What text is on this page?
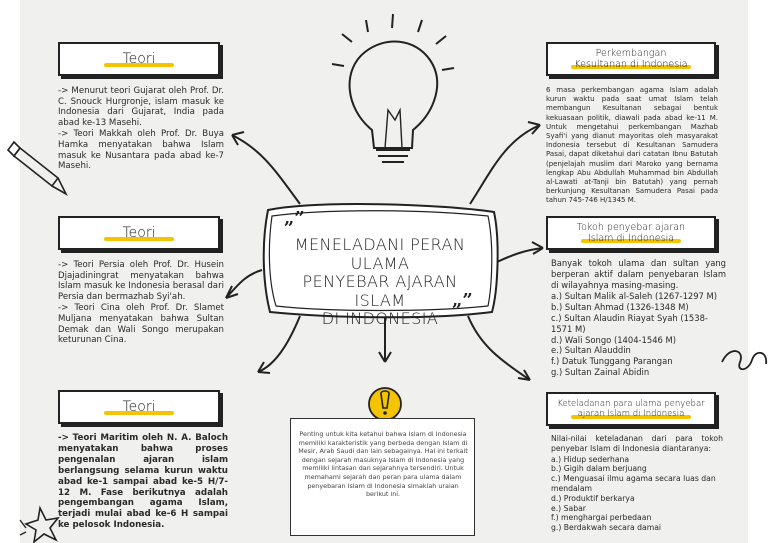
Teori

-> Menurut teori Gujarat oleh Prof. Dr. C. Snouck Hurgronje, islam masuk ke Indonesia dari Gujarat, India pada abad ke-13 Masehi.

-> Teori Makkah oleh Prof. Dr. Buya Hamka menyatakan bahwa Islam masuk ke Nusantara pada abad ke-7 Masehi.

Teori

-> Teori Persia oleh Prof. Dr. Husein Djajadiningrat menyatakan bahwa Islam masuk ke Indonesia berasal dari Persia dan bermazhab Syi'ah.

-> Teori Cina oleh Prof. Dr. Slamet Muljana menyatakan bahwa Sultan Demak dan Wali Songo merupakan keturunan Cina.

Teori

-> Teori Maritim oleh N. A. Baloch menyatakan bahwa proses pengenalan ajaran islam berlangsung selama kurun waktu abad ke-1 sampai abad ke-5 H/7-12 M. Fase berikutnya adalah pengembangan agama Islam, terjadi mulai abad ke-6 H sampai ke pelosok Indonesia.

Perkembangan
Kesultanan di Indonesia

6 masa perkembangan agama Islam adalah kurun waktu pada saat umat Islam telah membangun Kesultanan sebagai bentuk kekuasaan politik, diawali pada abad ke-11 M. Untuk mengetahui perkembangan Mazhab Syafi'i yang dianut mayoritas oleh masyarakat Indonesia tersebut di Kesultanan Samudera Pasai, dapat diketahui dari catatan Ibnu Batutah (penjelajah muslim dari Maroko yang bernama lengkap Abu Abdullah Muhammad bin Abdullah al-Lawati at-Tanji bin Batutah) yang pernah berkunjung Kesultanan Samudera Pasai pada tahun 745-746 H/1345 M.

Tokoh penyebar ajaran
Islam di Indonesia

Banyak tokoh ulama dan sultan yang berperan aktif dalam penyebaran Islam di wilayahnya masing-masing.

a.) Sultan Malik al-Saleh (1267-1297 M)
b.) Sultan Ahmad (1326-1348 M)
c.) Sultan Alaudin Riayat Syah (1538-1571 M)
d.) Wali Songo (1404-1546 M)
e.) Sultan Alauddin
f.) Datuk Tunggang Parangan
g.) Sultan Zainal Abidin
Keteladanan para ulama penyebar
ajaran Islam di Indonesia

Nilai-nilai keteladanan dari para tokoh penyebar Islam di Indonesia diantaranya:

a.) Hidup sederhana
b.) Gigih dalam berjuang
c.) Menguasai ilmu agama secara luas dan mendalam
d.) Produktif berkarya
e.) Sabar
f.) menghargai perbedaan
g.) Berdakwah secara damai
„”
MENELADANI PERAN ULAMA
PENYEBAR AJARAN ISLAM
DI INDONESIA
„”
Penting untuk kita ketahui bahwa Islam di Indonesia memiliki karakteristik yang berbeda dengan Islam di Mesir, Arab Saudi dan lain sebagainya. Hal ini terkait dengan sejarah masuknya Islam di Indonesia yang memiliki lintasan dan sejarahnya tersendiri. Untuk memahami sejarah dan peran para ulama dalam penyebaran Islam di Indonesia simaklah uraian berikut ini.
